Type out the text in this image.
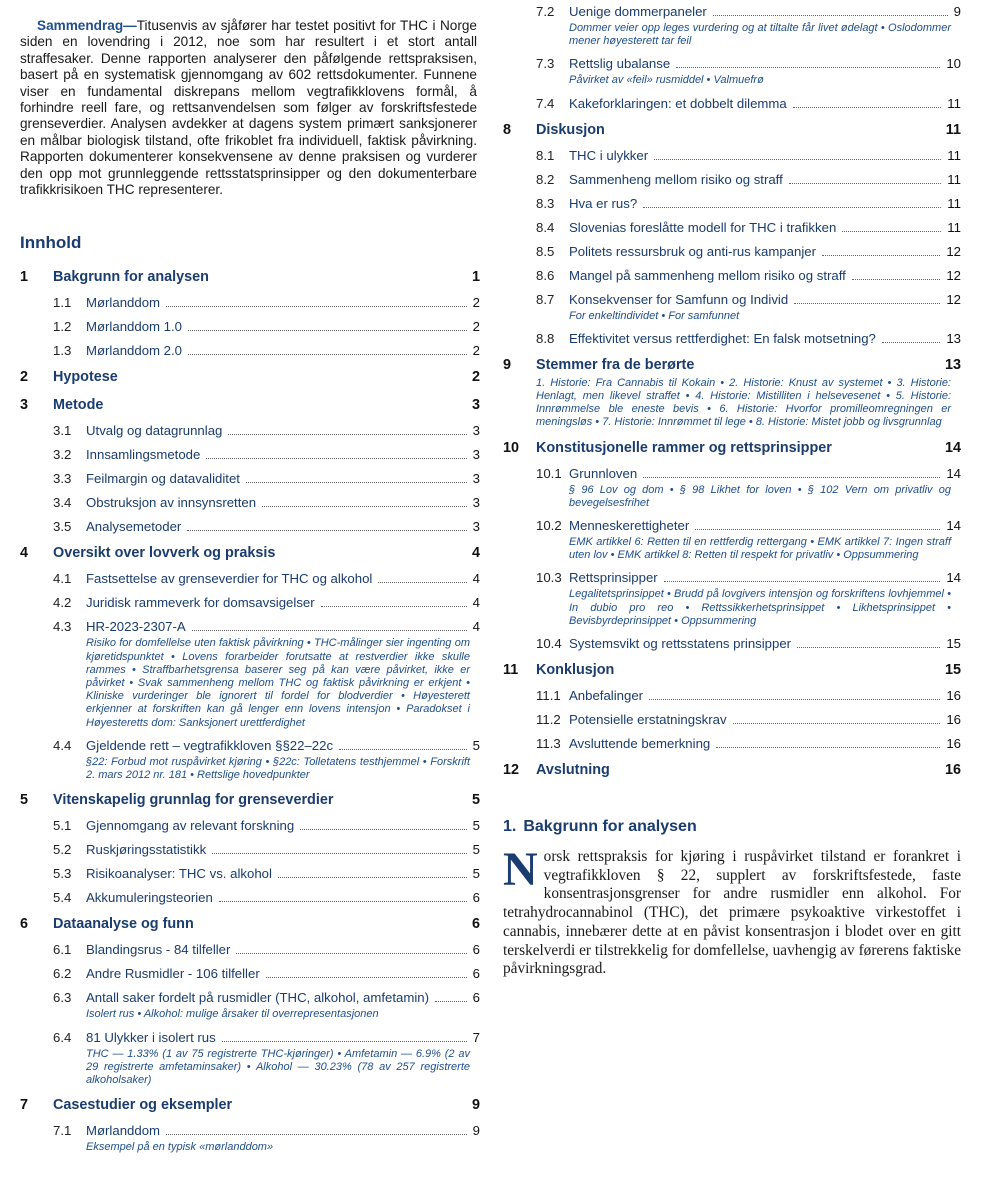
Sammendrag—Titusenvis av sjåfører har testet positivt for THC i Norge siden en lovendring i 2012, noe som har resultert i et stort antall straffesaker. Denne rapporten analyserer den påfølgende rettspraksisen, basert på en systematisk gjennomgang av 602 rettsdokumenter. Funnene viser en fundamental diskrepans mellom vegtrafikklovens formål, å forhindre reell fare, og rettsanvendelsen som følger av forskriftsfestede grenseverdier. Analysen avdekker at dagens system primært sanksjonerer en målbar biologisk tilstand, ofte frikoblet fra individuell, faktisk påvirkning. Rapporten dokumenterer konsekvensene av denne praksisen og vurderer den opp mot grunnleggende rettsstatsprinsipper og den dokumenterbare trafikkrisikoen THC representerer.

Innhold
1	Bakgrunn for analysen	1
1.1	Mørlanddom	2
1.2	Mørlanddom 1.0	2
1.3	Mørlanddom 2.0	2
2	Hypotese	2
3	Metode	3
3.1	Utvalg og datagrunnlag	3
3.2	Innsamlingsmetode	3
3.3	Feilmargin og datavaliditet	3
3.4	Obstruksjon av innsynsretten	3
3.5	Analysemetoder	3
4	Oversikt over lovverk og praksis	4
4.1	Fastsettelse av grenseverdier for THC og alkohol	4
4.2	Juridisk rammeverk for domsavsigelser	4
4.3	HR-2023-2307-A	4
Risiko for domfellelse uten faktisk påvirkning • THC-målinger sier ingenting om kjøretidspunktet • Lovens forarbeider forutsatte at restverdier ikke skulle rammes • Straffbarhetsgrensa baserer seg på kan være påvirket, ikke er påvirket • Svak sammenheng mellom THC og faktisk påvirkning er erkjent • Kliniske vurderinger ble ignorert til fordel for blodverdier • Høyesterett erkjenner at forskriften kan gå lenger enn lovens intensjon • Paradokset i Høyesteretts dom: Sanksjonert urettferdighet
4.4	Gjeldende rett – vegtrafikkloven §§22–22c	5
§22: Forbud mot ruspåvirket kjøring • §22c: Tolletatens testhjemmel • Forskrift 2. mars 2012 nr. 181 • Rettslige hovedpunkter
5	Vitenskapelig grunnlag for grenseverdier	5
5.1	Gjennomgang av relevant forskning	5
5.2	Ruskjøringsstatistikk	5
5.3	Risikoanalyser: THC vs. alkohol	5
5.4	Akkumuleringsteorien	6
6	Dataanalyse og funn	6
6.1	Blandingsrus - 84 tilfeller	6
6.2	Andre Rusmidler - 106 tilfeller	6
6.3	Antall saker fordelt på rusmidler (THC, alkohol, amfetamin)	6
Isolert rus • Alkohol: mulige årsaker til overrepresentasjonen
6.4	81 Ulykker i isolert rus	7
THC — 1.33% (1 av 75 registrerte THC-kjøringer) • Amfetamin — 6.9% (2 av 29 registrerte amfetaminsaker) • Alkohol — 30.23% (78 av 257 registrerte alkoholsaker)
7	Casestudier og eksempler	9
7.1	Mørlanddom	9
Eksempel på en typisk «mørlanddom»
7.2	Uenige dommerpaneler	9
Dommer veier opp leges vurdering og at tiltalte får livet ødelagt • Oslodommer mener høyesterett tar feil
7.3	Rettslig ubalanse	10
Påvirket av «feil» rusmiddel • Valmuefrø
7.4	Kakeforklaringen: et dobbelt dilemma	11
8	Diskusjon	11
8.1	THC i ulykker	11
8.2	Sammenheng mellom risiko og straff	11
8.3	Hva er rus?	11
8.4	Slovenias foreslåtte modell for THC i trafikken	11
8.5	Politets ressursbruk og anti-rus kampanjer	12
8.6	Mangel på sammenheng mellom risiko og straff	12
8.7	Konsekvenser for Samfunn og Individ	12
For enkeltindividet • For samfunnet
8.8	Effektivitet versus rettferdighet: En falsk motsetning?	13
9	Stemmer fra de berørte	13
1. Historie: Fra Cannabis til Kokain • 2. Historie: Knust av systemet • 3. Historie: Henlagt, men likevel straffet • 4. Historie: Mistilliten i helsevesenet • 5. Historie: Innrømmelse ble eneste bevis • 6. Historie: Hvorfor promilleomregningen er meningsløs • 7. Historie: Innrømmet til lege • 8. Historie: Mistet jobb og livsgrunnlag
10	Konstitusjonelle rammer og rettsprinsipper	14
10.1 Grunnloven	14
§ 96 Lov og dom • § 98 Likhet for loven • § 102 Vern om privatliv og bevegelsesfrihet
10.2 Menneskerettigheter	14
EMK artikkel 6: Retten til en rettferdig rettergang • EMK artikkel 7: Ingen straff uten lov • EMK artikkel 8: Retten til respekt for privatliv • Oppsummering
10.3 Rettsprinsipper	14
Legalitetsprinsippet • Brudd på lovgivers intensjon og forskriftens lovhjemmel • In dubio pro reo • Rettssikkerhetsprinsippet • Likhetsprinsippet • Bevisbyrdeprinsippet • Oppsummering
10.4 Systemsvikt og rettsstatens prinsipper	15
11	Konklusjon	15
11.1 Anbefalinger	16
11.2 Potensielle erstatningskrav	16
11.3 Avsluttende bemerkning	16
12	Avslutning	16
1. Bakgrunn for analysen

Norsk rettspraksis for kjøring i ruspåvirket tilstand er forankret i vegtrafikkloven § 22, supplert av forskriftsfestede, faste konsentrasjonsgrenser for andre rusmidler enn alkohol. For tetrahydrocannabinol (THC), det primære psykoaktive virkestoffet i cannabis, innebærer dette at en påvist konsentrasjon i blodet over en gitt terskelverdi er tilstrekkelig for domfellelse, uavhengig av førerens faktiske påvirkningsgrad.
